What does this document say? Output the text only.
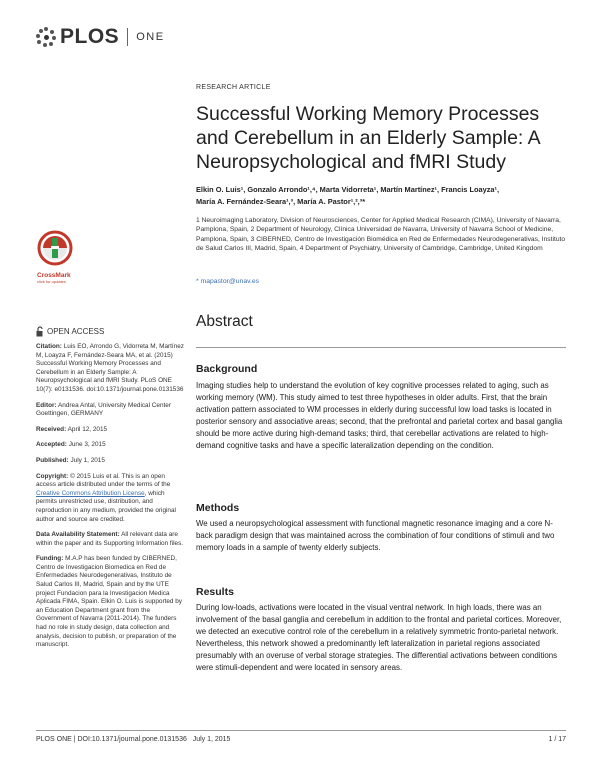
PLOS ONE
CrossMark
click for updates
OPEN ACCESS

Citation: Luis EO, Arrondo G, Vidorreta M, Martínez M, Loayza F, Fernández-Seara MA, et al. (2015) Successful Working Memory Processes and Cerebellum in an Elderly Sample: A Neuropsychological and fMRI Study. PLoS ONE 10(7): e0131536. doi:10.1371/journal.pone.0131536

Editor: Andrea Antal, University Medical Center Goettingen, GERMANY

Received: April 12, 2015

Accepted: June 3, 2015

Published: July 1, 2015

Copyright: © 2015 Luis et al. This is an open access article distributed under the terms of the Creative Commons Attribution License, which permits unrestricted use, distribution, and reproduction in any medium, provided the original author and source are credited.

Data Availability Statement: All relevant data are within the paper and its Supporting Information files.

Funding: M.A.P has been funded by CIBERNED, Centro de Investigacion Biomedica en Red de Enfermedades Neurodegenerativas, Instituto de Salud Carlos III, Madrid, Spain and by the UTE project Fundacion para la Investigacion Medica Aplicada FIMA, Spain. Elkin O. Luis is supported by an Education Department grant from the Government of Navarra (2011-2014). The funders had no role in study design, data collection and analysis, decision to publish, or preparation of the manuscript.

RESEARCH ARTICLE
Successful Working Memory Processes and Cerebellum in an Elderly Sample: A Neuropsychological and fMRI Study
Elkin O. Luis¹, Gonzalo Arrondo¹,⁴, Marta Vidorreta¹, Martín Martínez¹, Francis Loayza¹,
María A. Fernández-Seara¹,³, María A. Pastor¹,²,³*
1 Neuroimaging Laboratory, Division of Neurosciences, Center for Applied Medical Research (CIMA), University of Navarra, Pamplona, Spain, 2 Department of Neurology, Clínica Universidad de Navarra, University of Navarra School of Medicine, Pamplona, Spain, 3 CIBERNED, Centro de Investigación Biomédica en Red de Enfermedades Neurodegenerativas, Instituto de Salud Carlos III, Madrid, Spain, 4 Department of Psychiatry, University of Cambridge, Cambridge, United Kingdom
* mapastor@unav.es
Abstract
Background
Imaging studies help to understand the evolution of key cognitive processes related to aging, such as working memory (WM). This study aimed to test three hypotheses in older adults. First, that the brain activation pattern associated to WM processes in elderly during successful low load tasks is located in posterior sensory and associative areas; second, that the prefrontal and parietal cortex and basal ganglia should be more active during high-demand tasks; third, that cerebellar activations are related to high-demand cognitive tasks and have a specific lateralization depending on the condition.
Methods
We used a neuropsychological assessment with functional magnetic resonance imaging and a core N-back paradigm design that was maintained across the combination of four conditions of stimuli and two memory loads in a sample of twenty elderly subjects.
Results
During low-loads, activations were located in the visual ventral network. In high loads, there was an involvement of the basal ganglia and cerebellum in addition to the frontal and parietal cortices. Moreover, we detected an executive control role of the cerebellum in a relatively symmetric fronto-parietal network. Nevertheless, this network showed a predominantly left lateralization in parietal regions associated presumably with an overuse of verbal storage strategies. The differential activations between conditions were stimuli-dependent and were located in sensory areas.
PLOS ONE | DOI:10.1371/journal.pone.0131536   July 1, 2015	1 / 17
